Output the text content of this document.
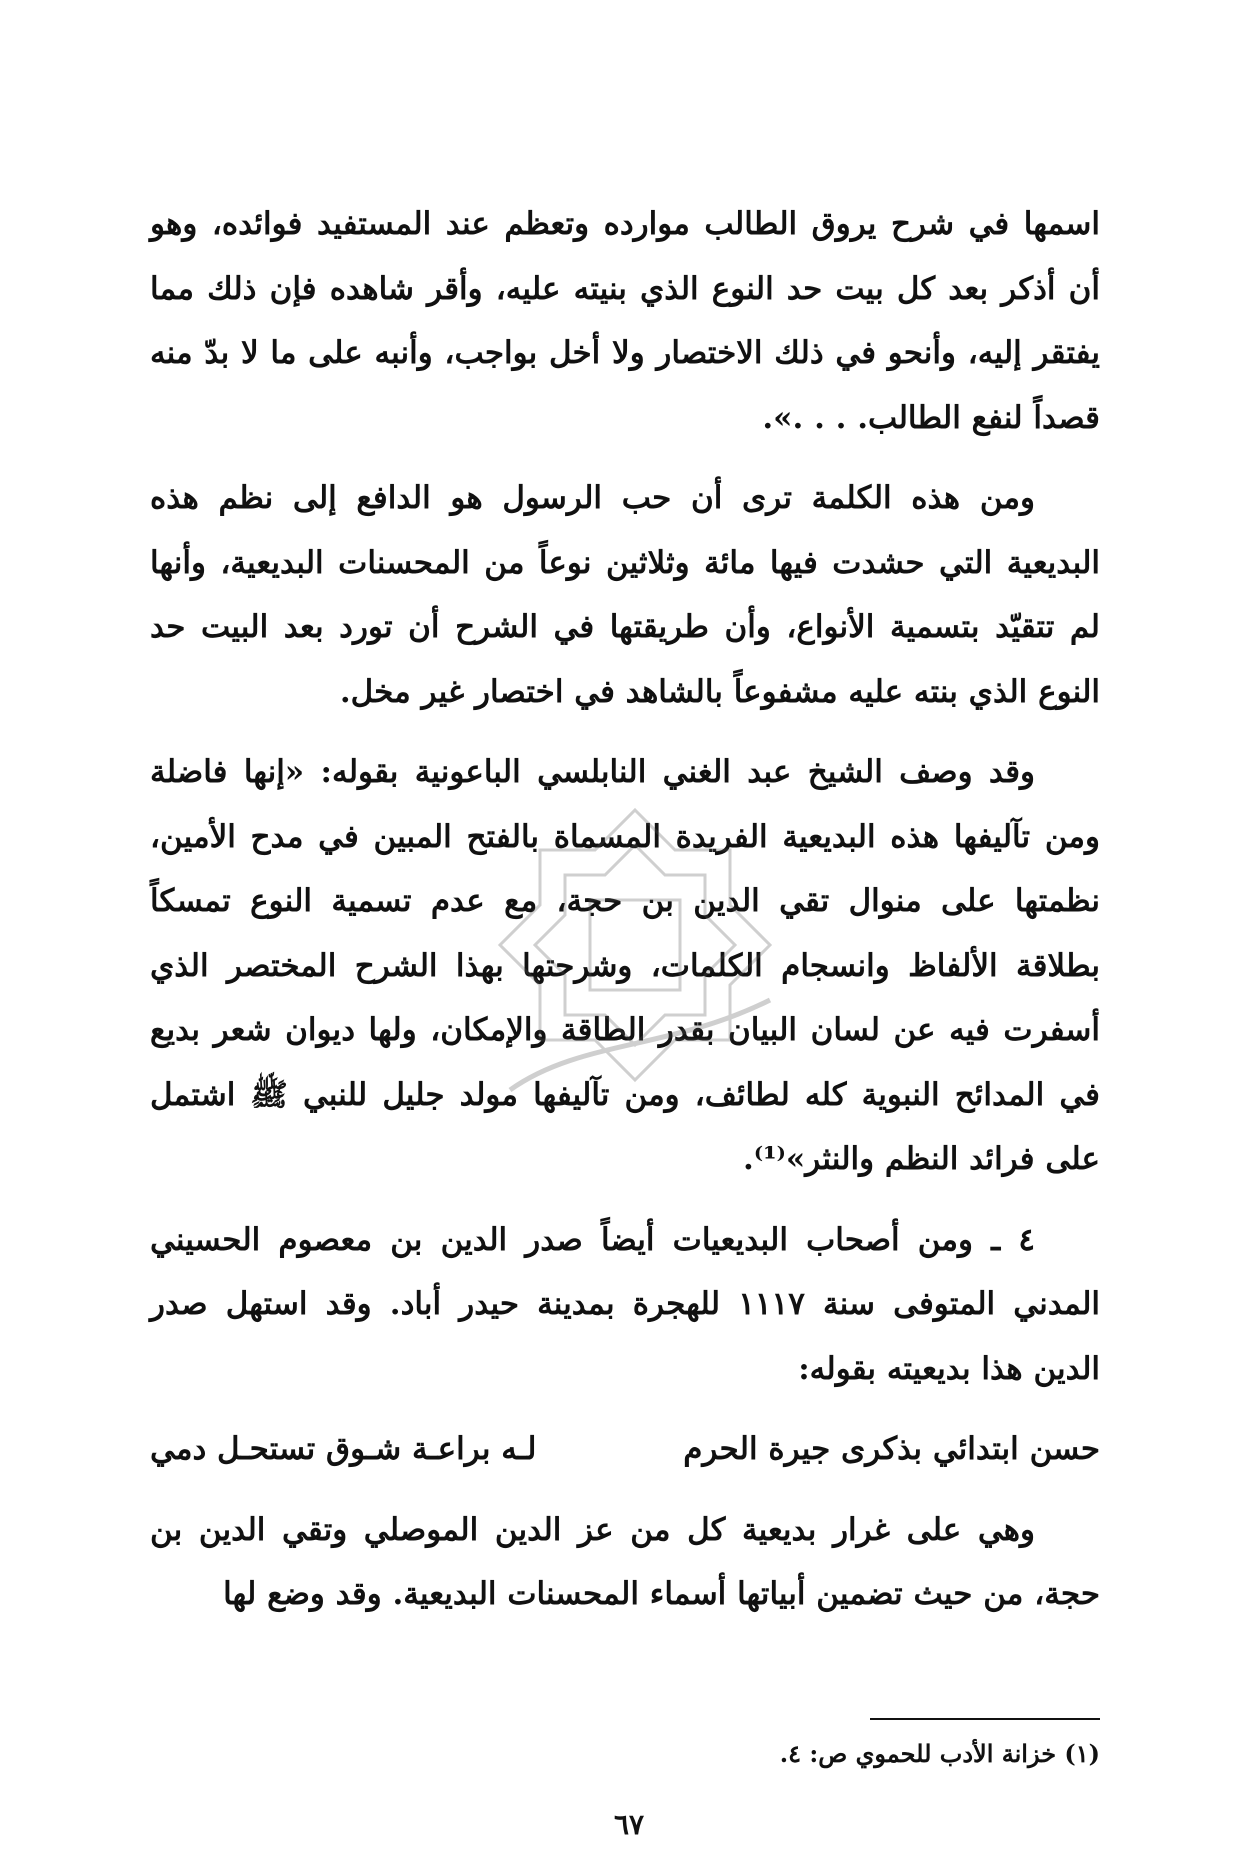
اسمها في شرح يروق الطالب موارده وتعظم عند المستفيد فوائده، وهو أن أذكر بعد كل بيت حد النوع الذي بنيته عليه، وأقر شاهده فإن ذلك مما يفتقر إليه، وأنحو في ذلك الاختصار ولا أخل بواجب، وأنبه على ما لا بدّ منه قصداً لنفع الطالب. . . .».

ومن هذه الكلمة ترى أن حب الرسول هو الدافع إلى نظم هذه البديعية التي حشدت فيها مائة وثلاثين نوعاً من المحسنات البديعية، وأنها لم تتقيّد بتسمية الأنواع، وأن طريقتها في الشرح أن تورد بعد البيت حد النوع الذي بنته عليه مشفوعاً بالشاهد في اختصار غير مخل.

وقد وصف الشيخ عبد الغني النابلسي الباعونية بقوله: «إنها فاضلة ومن تآليفها هذه البديعية الفريدة المسماة بالفتح المبين في مدح الأمين، نظمتها على منوال تقي الدين بن حجة، مع عدم تسمية النوع تمسكاً بطلاقة الألفاظ وانسجام الكلمات، وشرحتها بهذا الشرح المختصر الذي أسفرت فيه عن لسان البيان بقدر الطاقة والإمكان، ولها ديوان شعر بديع في المدائح النبوية كله لطائف، ومن تآليفها مولد جليل للنبي ﷺ اشتمل على فرائد النظم والنثر»⁽¹⁾.

٤ ـ ومن أصحاب البديعيات أيضاً صدر الدين بن معصوم الحسيني المدني المتوفى سنة ١١١٧ للهجرة بمدينة حيدر أباد. وقد استهل صدر الدين هذا بديعيته بقوله:

حسن ابتدائي بذكرى جيرة الحرم
لـه براعـة شـوق تستحـل دمي

وهي على غرار بديعية كل من عز الدين الموصلي وتقي الدين بن حجة، من حيث تضمين أبياتها أسماء المحسنات البديعية. وقد وضع لها

(١) خزانة الأدب للحموي ص: ٤.
٦٧
